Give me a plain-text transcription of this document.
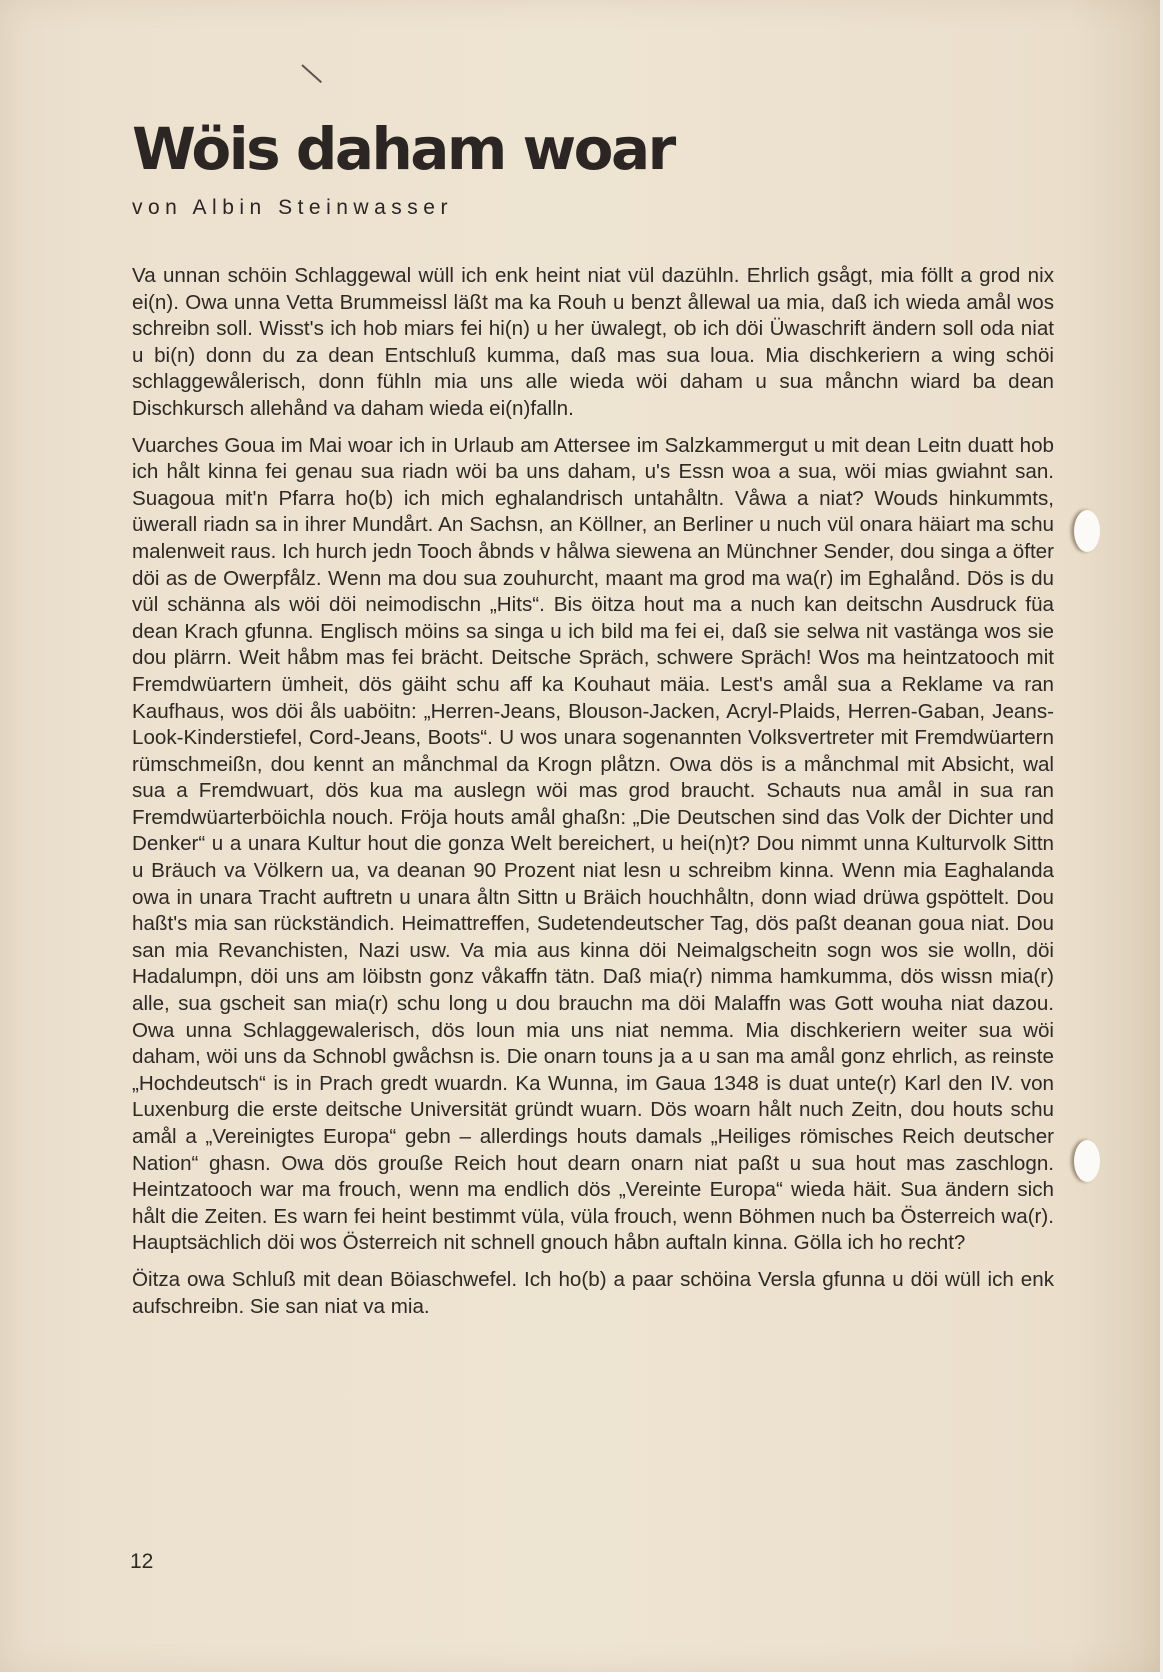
Wöis daham woar

von Albin Steinwasser

Va unnan schöin Schlaggewal wüll ich enk heint niat vül dazühln. Ehrlich gsågt, mia föllt a grod nix ei(n). Owa unna Vetta Brummeissl läßt ma ka Rouh u benzt ållewal ua mia, daß ich wieda amål wos schreibn soll. Wisst's ich hob miars fei hi(n) u her üwalegt, ob ich döi Üwaschrift ändern soll oda niat u bi(n) donn du za dean Entschluß kumma, daß mas sua loua. Mia dischkeriern a wing schöi schlaggewålerisch, donn fühln mia uns alle wieda wöi daham u sua månchn wiard ba dean Dischkursch allehånd va daham wieda ei(n)falln.

Vuarches Goua im Mai woar ich in Urlaub am Attersee im Salzkammergut u mit dean Leitn duatt hob ich hålt kinna fei genau sua riadn wöi ba uns daham, u's Essn woa a sua, wöi mias gwiahnt san. Suagoua mit'n Pfarra ho(b) ich mich eghalandrisch untahåltn. Våwa a niat? Wouds hinkummts, üwerall riadn sa in ihrer Mundårt. An Sachsn, an Köllner, an Berliner u nuch vül onara häiart ma schu malenweit raus. Ich hurch jedn Tooch åbnds v hålwa siewena an Münchner Sender, dou singa a öfter döi as de Owerpfålz. Wenn ma dou sua zouhurcht, maant ma grod ma wa(r) im Eghalånd. Dös is du vül schänna als wöi döi neimodischn „Hits“. Bis öitza hout ma a nuch kan deitschn Ausdruck füa dean Krach gfunna. Englisch möins sa singa u ich bild ma fei ei, daß sie selwa nit vastänga wos sie dou plärrn. Weit håbm mas fei brächt. Deitsche Spräch, schwere Spräch! Wos ma heintzatooch mit Fremdwüartern ümheit, dös gäiht schu aff ka Kouhaut mäia. Lest's amål sua a Reklame va ran Kaufhaus, wos döi åls uaböitn: „Herren-Jeans, Blouson-Jacken, Acryl-Plaids, Herren-Gaban, Jeans-Look-Kinderstiefel, Cord-Jeans, Boots“. U wos unara sogenannten Volksvertreter mit Fremdwüartern rümschmeißn, dou kennt an månchmal da Krogn plåtzn. Owa dös is a månchmal mit Absicht, wal sua a Fremdwuart, dös kua ma auslegn wöi mas grod braucht. Schauts nua amål in sua ran Fremdwüarterböichla nouch. Fröja houts amål ghaßn: „Die Deutschen sind das Volk der Dichter und Denker“ u a unara Kultur hout die gonza Welt bereichert, u hei(n)t? Dou nimmt unna Kulturvolk Sittn u Bräuch va Völkern ua, va deanan 90 Prozent niat lesn u schreibm kinna. Wenn mia Eaghalanda owa in unara Tracht auftretn u unara åltn Sittn u Bräich houchhåltn, donn wiad drüwa gspöttelt. Dou haßt's mia san rückständich. Heimattreffen, Sudetendeutscher Tag, dös paßt deanan goua niat. Dou san mia Revanchisten, Nazi usw. Va mia aus kinna döi Neimalgscheitn sogn wos sie wolln, döi Hadalumpn, döi uns am löibstn gonz våkaffn tätn. Daß mia(r) nimma hamkumma, dös wissn mia(r) alle, sua gscheit san mia(r) schu long u dou brauchn ma döi Malaffn was Gott wouha niat dazou. Owa unna Schlaggewalerisch, dös loun mia uns niat nemma. Mia dischkeriern weiter sua wöi daham, wöi uns da Schnobl gwåchsn is. Die onarn touns ja a u san ma amål gonz ehrlich, as reinste „Hochdeutsch“ is in Prach gredt wuardn. Ka Wunna, im Gaua 1348 is duat unte(r) Karl den IV. von Luxenburg die erste deitsche Universität gründt wuarn. Dös woarn hålt nuch Zeitn, dou houts schu amål a „Vereinigtes Europa“ gebn – allerdings houts damals „Heiliges römisches Reich deutscher Nation“ ghasn. Owa dös grouße Reich hout dearn onarn niat paßt u sua hout mas zaschlogn. Heintzatooch war ma frouch, wenn ma endlich dös „Vereinte Europa“ wieda häit. Sua ändern sich hålt die Zeiten. Es warn fei heint bestimmt vüla, vüla frouch, wenn Böhmen nuch ba Österreich wa(r). Hauptsächlich döi wos Österreich nit schnell gnouch håbn auftaln kinna. Gölla ich ho recht?

Öitza owa Schluß mit dean Böiaschwefel. Ich ho(b) a paar schöina Versla gfunna u döi wüll ich enk aufschreibn. Sie san niat va mia.

12
